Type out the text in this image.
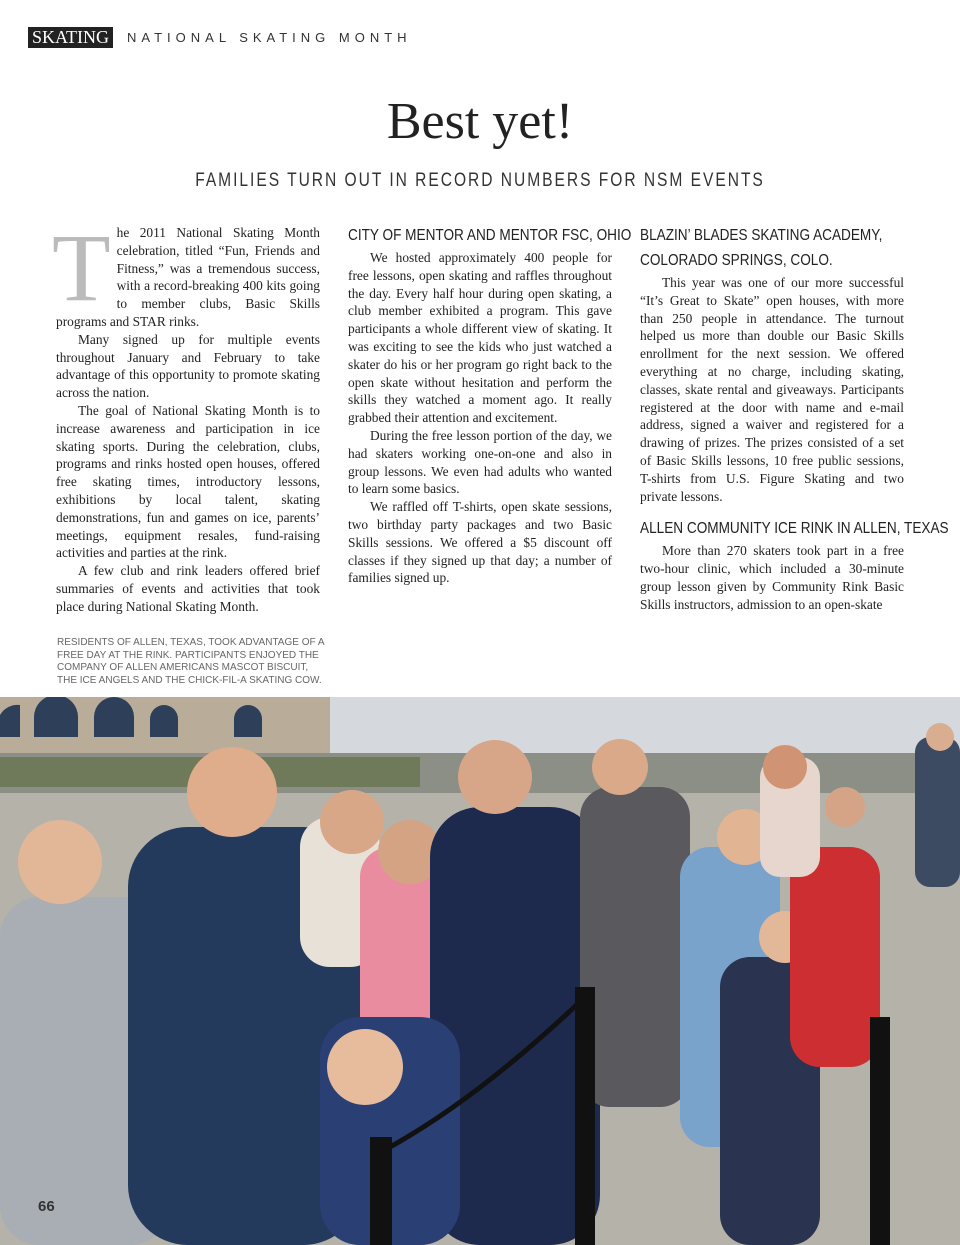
SKATING	NATIONAL SKATING MONTH
Best yet!
FAMILIES TURN OUT IN RECORD NUMBERS FOR NSM EVENTS
T he 2011 National Skating Month celebration, titled “Fun, Friends and Fitness,” was a tremendous success, with a record-breaking 400 kits going to member clubs, Basic Skills programs and STAR rinks.

Many signed up for multiple events throughout January and February to take advantage of this opportunity to promote skating across the nation.

The goal of National Skating Month is to increase awareness and participation in ice skating sports. During the celebration, clubs, programs and rinks hosted open houses, offered free skating times, introductory lessons, exhibitions by local talent, skating demonstrations, fun and games on ice, parents’ meetings, equipment resales, fund-raising activities and parties at the rink.

A few club and rink leaders offered brief summaries of events and activities that took place during National Skating Month.

CITY OF MENTOR AND MENTOR FSC, OHIO

We hosted approximately 400 people for free lessons, open skating and raffles throughout the day. Every half hour during open skating, a club member exhibited a program. This gave participants a whole different view of skating. It was exciting to see the kids who just watched a skater do his or her program go right back to the open skate without hesitation and perform the skills they watched a moment ago. It really grabbed their attention and excitement.

During the free lesson portion of the day, we had skaters working one-on-one and also in group lessons. We even had adults who wanted to learn some basics.

We raffled off T-shirts, open skate sessions, two birthday party packages and two Basic Skills sessions. We offered a $5 discount off classes if they signed up that day; a number of families signed up.

BLAZIN’ BLADES SKATING ACADEMY,
COLORADO SPRINGS, COLO.

This year was one of our more successful “It’s Great to Skate” open houses, with more than 250 people in attendance. The turnout helped us more than double our Basic Skills enrollment for the next session. We offered everything at no charge, including skating, classes, skate rental and giveaways. Participants registered at the door with name and e-mail address, signed a waiver and registered for a drawing of prizes. The prizes consisted of a set of Basic Skills lessons, 10 free public sessions, T-shirts from U.S. Figure Skating and two private lessons.

ALLEN COMMUNITY ICE RINK IN ALLEN, TEXAS

More than 270 skaters took part in a free two-hour clinic, which included a 30-minute group lesson given by Community Rink Basic Skills instructors, admission to an open-skate

RESIDENTS OF ALLEN, TEXAS, TOOK ADVANTAGE OF A FREE DAY AT THE RINK. PARTICIPANTS ENJOYED THE COMPANY OF ALLEN AMERICANS MASCOT BISCUIT, THE ICE ANGELS AND THE CHICK-FIL-A SKATING COW.
66
